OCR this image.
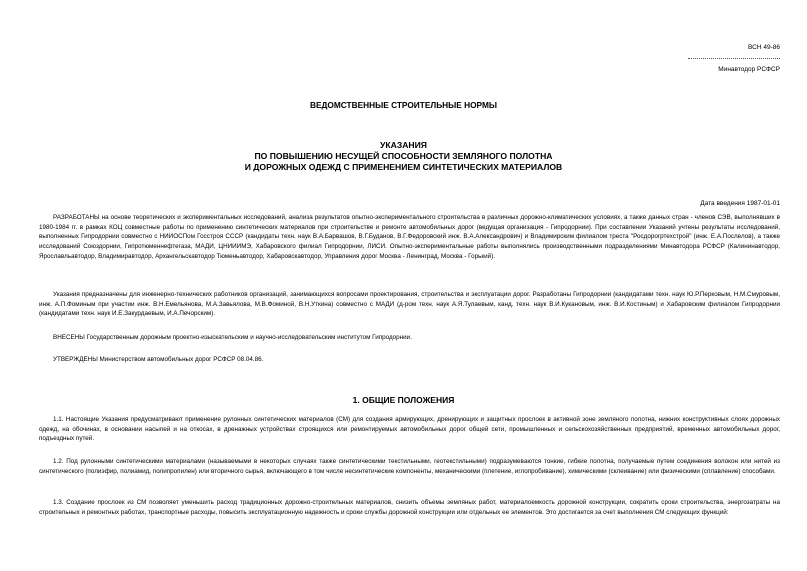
ВСН 49-86
Минавтодор РСФСР
ВЕДОМСТВЕННЫЕ СТРОИТЕЛЬНЫЕ НОРМЫ
УКАЗАНИЯ
ПО ПОВЫШЕНИЮ НЕСУЩЕЙ СПОСОБНОСТИ ЗЕМЛЯНОГО ПОЛОТНА
И ДОРОЖНЫХ ОДЕЖД С ПРИМЕНЕНИЕМ СИНТЕТИЧЕСКИХ МАТЕРИАЛОВ
Дата введения 1987-01-01
РАЗРАБОТАНЫ на основе теоретических и экспериментальных исследований, анализа результатов опытно-экспериментального строительства в различных дорожно-климатических условиях, а также данных стран - членов СЭВ, выполнявших в 1980-1984 гг. в рамках КОЦ совместные работы по применению синтетических материалов при строительстве и ремонте автомобильных дорог (ведущая организация - Гипродорнии). При составлении Указаний учтены результаты исследований, выполненных Гипродорнии совместно с НИИОСПом Госстроя СССР (кандидаты техн. наук В.А.Барвашов, В.Г.Буданов, В.Г.Федоровский инж. В.А.Александрович) и Владимирским филиалом треста "Росдорогртехстрой" (инж. Е.А.Послелов), а также исследований Союздорнии, Гипротюменнефтегаза, МАДИ, ЦНИИИМЭ, Хабаровского филиал Гипродорнии, ЛИСИ. Опытно-экспериментальные работы выполнялись производственными подразделениями Минавтодора РСФСР (Калининавтодор, Ярославльавтодор, Владимиравтодор, Архангельскавтодор Тюменьавтодор, Хабаровскавтодор, Управления дорог Москва - Ленинград, Москва - Горький).
Указания предназначены для инженерно-технических работников организаций, занимающихся вопросами проектирования, строительства и эксплуатации дорог. Разработаны Гипродорнии (кандидатами техн. наук Ю.Р.Перковым, Н.М.Смуровым, инж. А.П.Фоминым при участии инж. В.Н.Емельянова, М.А.Завьялова, М.В.Фоминой, В.Н.Уткина) совместно с МАДИ (д-ром техн. наук А.Я.Тулаевым, канд. техн. наук В.И.Кукановым, инж. В.И.Костиным) и Хабаровским филиалом Гипродорнии (кандидатами техн. наук И.Е.Закурдаевым, И.А.Печорским).
ВНЕСЕНЫ Государственным дорожным проектно-изыскательским и научно-исследовательским институтом Гипродорнии.
УТВЕРЖДЕНЫ Министерством автомобильных дорог РСФСР 08.04.86.
1. ОБЩИЕ ПОЛОЖЕНИЯ
1.1. Настоящие Указания предусматривают применение рулонных синтетических материалов (СМ) для создания армирующих, дренирующих и защитных прослоек в активной зоне земляного полотна, нижних конструктивных слоях дорожных одежд, на обочинах, в основании насыпей и на откосах, в дренажных устройствах строящихся или ремонтируемых автомобильных дорог общей сети, промышленных и сельскохозяйственных предприятий, временных автомобильных дорог, подъездных путей.
1.2. Под рулонными синтетическими материалами (называемыми в некоторых случаях также синтетическими текстильными, геотекстильными) подразумеваются тонкие, гибкие полотна, получаемые путем соединения волокон или нитей из синтетического (полиэфир, полиамид, полипропилен) или вторичного сырья, включающего в том числе несинтетические компоненты, механическими (плетение, иглопробивание), химическими (склеивание) или физическими (сплавление) способами.
1.3. Создание прослоек из СМ позволяет уменьшить расход традиционных дорожно-строительных материалов, снизить объемы земляных работ, материалоемкость дорожной конструкции, сократить сроки строительства, энергозатраты на строительных и ремонтных работах, транспортные расходы, повысить эксплуатационную надежность и сроки службы дорожной конструкции или отдельных ее элементов. Это достигается за счет выполнения СМ следующих функций:
